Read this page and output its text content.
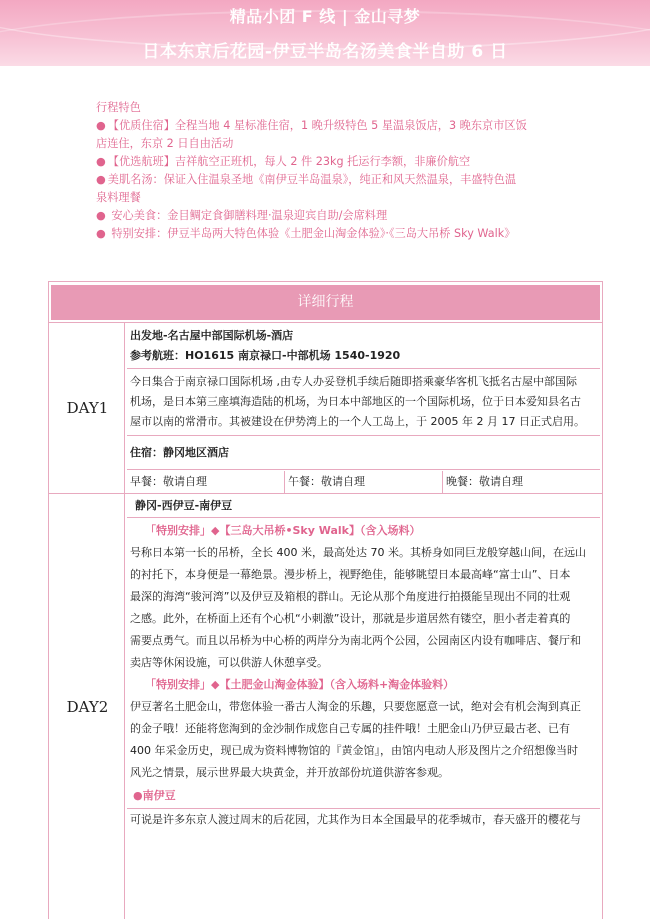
精品小团 F 线 | 金山寻梦
日本东京后花园-伊豆半岛名汤美食半自助 6 日
行程特色
● 【优质住宿】全程当地 4 星标准住宿，1 晚升级特色 5 星温泉饭店，3 晚东京市区饭
店连住，东京 2 日自由活动
● 【优选航班】吉祥航空正班机，每人 2 件 23kg 托运行李额，非廉价航空
● 美肌名汤：保证入住温泉圣地《南伊豆半岛温泉》，纯正和风天然温泉，丰盛特色温
泉料理餐
● 安心美食：金目鲷定食御膳料理·温泉迎宾自助/会席料理
● 特别安排：伊豆半岛两大特色体验《土肥金山淘金体验》·《三岛大吊桥 Sky Walk》
详细行程
DAY1
出发地-名古屋中部国际机场-酒店
参考航班：HO1615 南京禄口-中部机场 1540-1920
今日集合于南京禄口国际机场 ,由专人办妥登机手续后随即搭乘豪华客机飞抵名古屋中部国际
机场，是日本第三座填海造陆的机场，为日本中部地区的一个国际机场，位于日本爱知县名古
屋市以南的常滑市。其被建设在伊势湾上的一个人工岛上，于 2005 年 2 月 17 日正式启用。
住宿：静冈地区酒店
早餐：敬请自理	午餐：敬请自理	晚餐：敬请自理
DAY2
静冈-西伊豆-南伊豆
「特别安排」◆【三岛大吊桥•Sky Walk】（含入场料）
号称日本第一长的吊桥，全长 400 米，最高处达 70 米。其桥身如同巨龙般穿越山间，在远山
的衬托下，本身便是一幕绝景。漫步桥上，视野绝佳，能够眺望日本最高峰“富士山”、日本
最深的海湾“骏河湾”以及伊豆及箱根的群山。无论从那个角度进行拍摄能呈现出不同的壮观
之感。此外，在桥面上还有个心机“小刺激”设计，那就是步道居然有镂空，胆小者走着真的
需要点勇气。而且以吊桥为中心桥的两岸分为南北两个公园，公园南区内设有咖啡店、餐厅和
卖店等休闲设施，可以供游人休憩享受。
「特别安排」◆【土肥金山淘金体验】（含入场料+淘金体验料）
伊豆著名土肥金山，带您体验一番古人淘金的乐趣，只要您愿意一试，绝对会有机会淘到真正
的金子哦！还能将您淘到的金沙制作成您自己专属的挂件哦！土肥金山乃伊豆最古老、已有
400 年采金历史，现已成为资料博物馆的『黄金馆』，由馆内电动人形及图片之介绍想像当时
风光之情景，展示世界最大块黄金，并开放部份坑道供游客参观。
●南伊豆
可说是许多东京人渡过周末的后花园，尤其作为日本全国最早的花季城市，春天盛开的樱花与
